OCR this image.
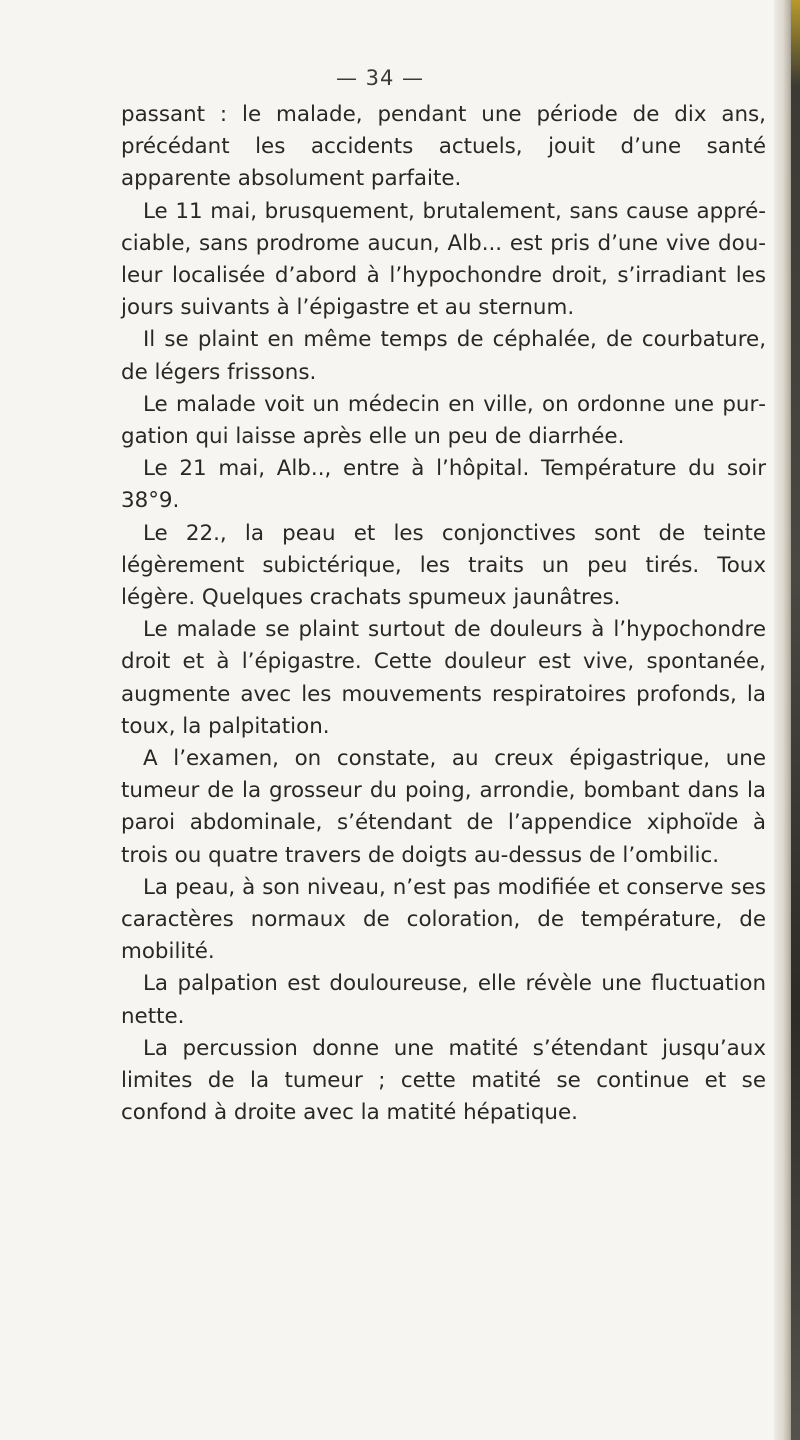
— 34 —

passant : le malade, pendant une période de dix ans, précédant les accidents actuels, jouit d’une santé apparente absolument parfaite.

Le 11 mai, brusquement, brutalement, sans cause appréciable, sans prodrome aucun, Alb... est pris d’une vive douleur localisée d’abord à l’hypochondre droit, s’irradiant les jours suivants à l’épigastre et au sternum.

Il se plaint en même temps de céphalée, de courbature, de légers frissons.

Le malade voit un médecin en ville, on ordonne une purgation qui laisse après elle un peu de diarrhée.

Le 21 mai, Alb.., entre à l’hôpital. Température du soir 38°9.

Le 22., la peau et les conjonctives sont de teinte légèrement subictérique, les traits un peu tirés. Toux légère. Quelques crachats spumeux jaunâtres.

Le malade se plaint surtout de douleurs à l’hypochondre droit et à l’épigastre. Cette douleur est vive, spontanée, augmente avec les mouvements respiratoires profonds, la toux, la palpitation.

A l’examen, on constate, au creux épigastrique, une tumeur de la grosseur du poing, arrondie, bombant dans la paroi abdominale, s’étendant de l’appendice xiphoïde à trois ou quatre travers de doigts au-dessus de l’ombilic.

La peau, à son niveau, n’est pas modifiée et conserve ses caractères normaux de coloration, de température, de mobilité.

La palpation est douloureuse, elle révèle une fluctuation nette.

La percussion donne une matité s’étendant jusqu’aux limites de la tumeur ; cette matité se continue et se confond à droite avec la matité hépatique.
